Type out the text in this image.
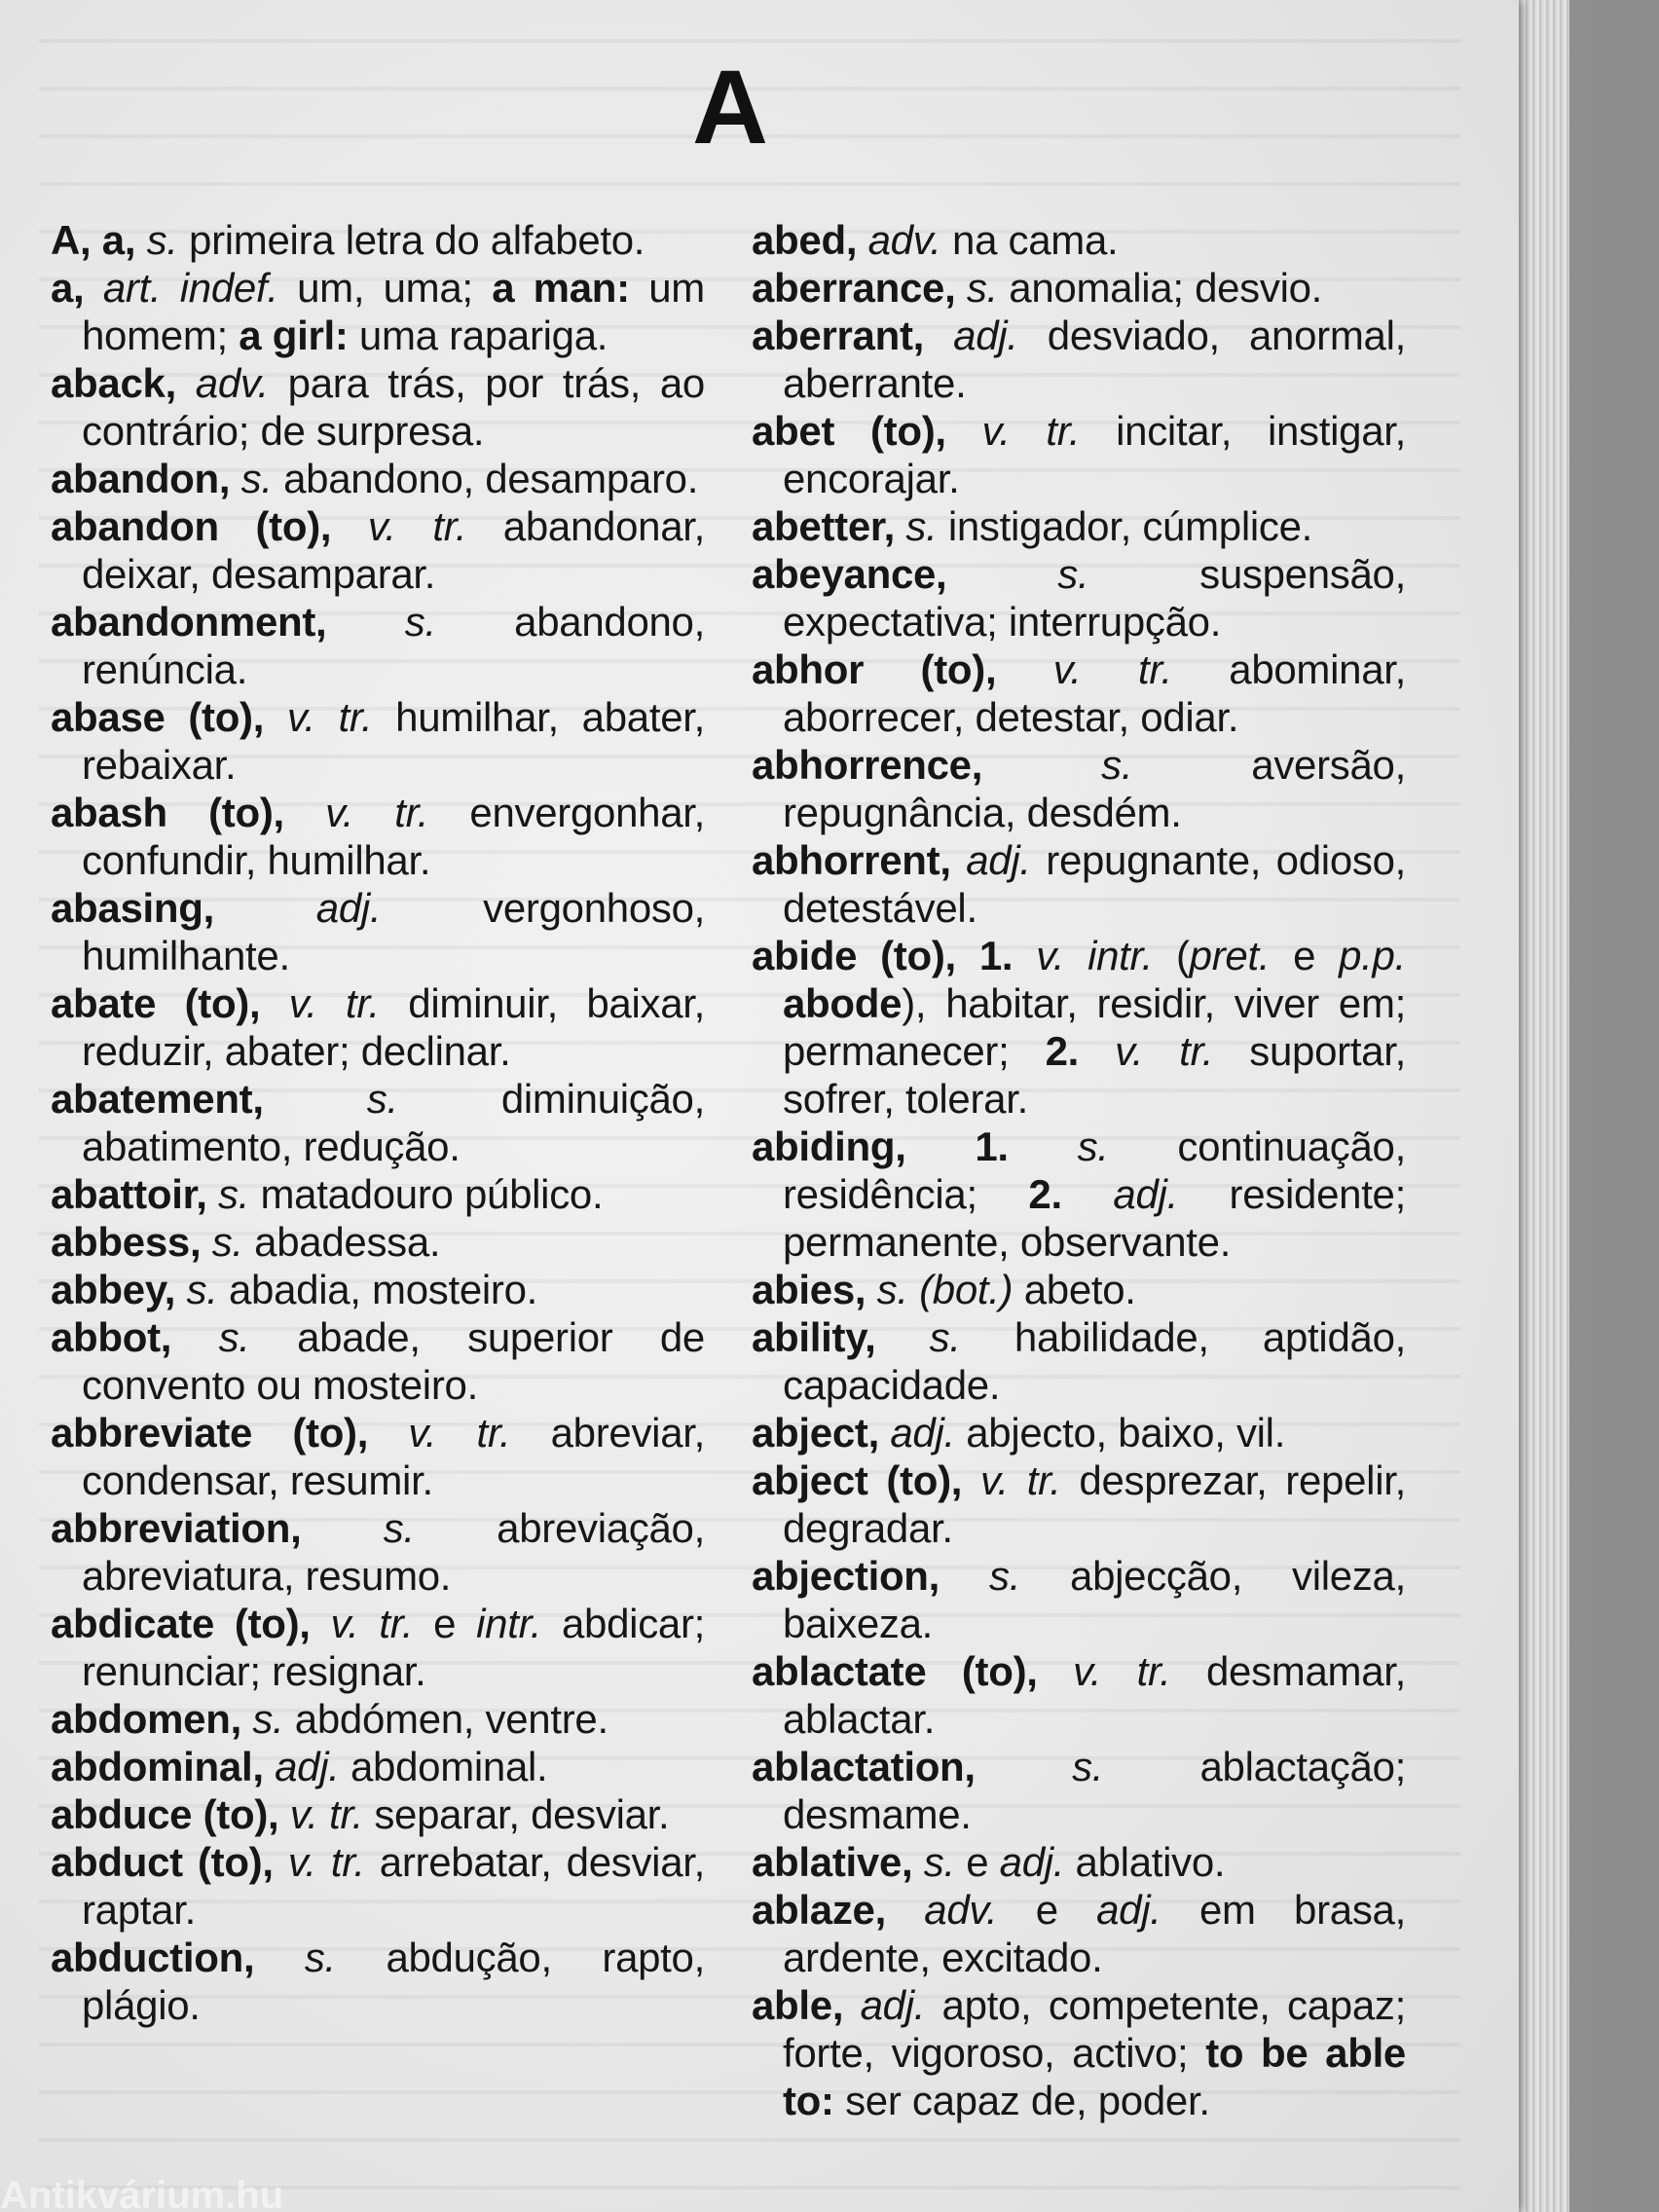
A

A, a, s. primeira letra do alfabeto.

a, art. indef. um, uma; a man: um homem; a girl: uma rapariga.

aback, adv. para trás, por trás, ao contrário; de surpresa.

abandon, s. abandono, desamparo.

abandon (to), v. tr. abandonar, deixar, desamparar.

abandonment, s. abandono, renúncia.

abase (to), v. tr. humilhar, abater, rebaixar.

abash (to), v. tr. envergonhar, confundir, humilhar.

abasing, adj. vergonhoso, humilhante.

abate (to), v. tr. diminuir, baixar, reduzir, abater; declinar.

abatement, s. diminuição, abatimento, redução.

abattoir, s. matadouro público.

abbess, s. abadessa.

abbey, s. abadia, mosteiro.

abbot, s. abade, superior de convento ou mosteiro.

abbreviate (to), v. tr. abreviar, condensar, resumir.

abbreviation, s. abreviação, abreviatura, resumo.

abdicate (to), v. tr. e intr. abdicar; renunciar; resignar.

abdomen, s. abdómen, ventre.

abdominal, adj. abdominal.

abduce (to), v. tr. separar, desviar.

abduct (to), v. tr. arrebatar, desviar, raptar.

abduction, s. abdução, rapto, plágio.

abed, adv. na cama.

aberrance, s. anomalia; desvio.

aberrant, adj. desviado, anormal, aberrante.

abet (to), v. tr. incitar, instigar, encorajar.

abetter, s. instigador, cúmplice.

abeyance, s. suspensão, expectativa; interrupção.

abhor (to), v. tr. abominar, aborrecer, detestar, odiar.

abhorrence, s. aversão, repugnância, desdém.

abhorrent, adj. repugnante, odioso, detestável.

abide (to), 1. v. intr. (pret. e p.p. abode), habitar, residir, viver em; permanecer; 2. v. tr. suportar, sofrer, tolerar.

abiding, 1. s. continuação, residência; 2. adj. residente; permanente, observante.

abies, s. (bot.) abeto.

ability, s. habilidade, aptidão, capacidade.

abject, adj. abjecto, baixo, vil.

abject (to), v. tr. desprezar, repelir, degradar.

abjection, s. abjecção, vileza, baixeza.

ablactate (to), v. tr. desmamar, ablactar.

ablactation, s. ablactação; desmame.

ablative, s. e adj. ablativo.

ablaze, adv. e adj. em brasa, ardente, excitado.

able, adj. apto, competente, capaz; forte, vigoroso, activo; to be able to: ser capaz de, poder.

Antikvárium.hu
